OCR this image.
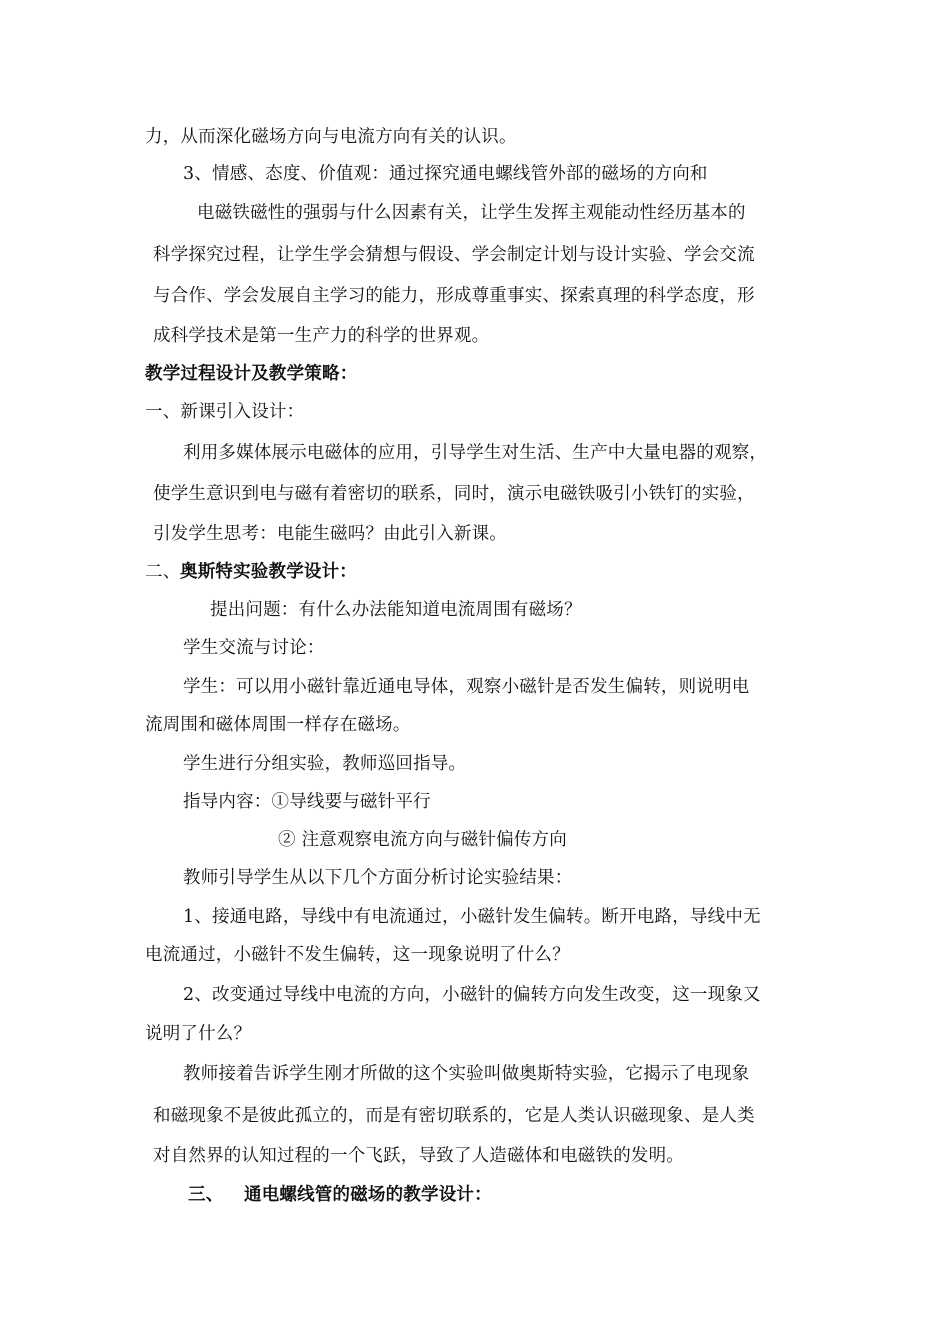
力，从而深化磁场方向与电流方向有关的认识。
3、情感、态度、价值观：通过探究通电螺线管外部的磁场的方向和
电磁铁磁性的强弱与什么因素有关，让学生发挥主观能动性经历基本的
科学探究过程，让学生学会猜想与假设、学会制定计划与设计实验、学会交流
与合作、学会发展自主学习的能力，形成尊重事实、探索真理的科学态度，形
成科学技术是第一生产力的科学的世界观。
教学过程设计及教学策略：
一、新课引入设计：
利用多媒体展示电磁体的应用，引导学生对生活、生产中大量电器的观察，
使学生意识到电与磁有着密切的联系，同时，演示电磁铁吸引小铁钉的实验，
引发学生思考：电能生磁吗？由此引入新课。
二、 奥斯特实验教学设计：
提出问题：有什么办法能知道电流周围有磁场？
学生交流与讨论：
学生：可以用小磁针靠近通电导体，观察小磁针是否发生偏转，则说明电
流周围和磁体周围一样存在磁场。
学生进行分组实验，教师巡回指导。
指导内容：①导线要与磁针平行
② 注意观察电流方向与磁针偏传方向
教师引导学生从以下几个方面分析讨论实验结果：
1、接通电路，导线中有电流通过，小磁针发生偏转。断开电路，导线中无
电流通过，小磁针不发生偏转，这一现象说明了什么？
2、改变通过导线中电流的方向，小磁针的偏转方向发生改变，这一现象又
说明了什么？
教师接着告诉学生刚才所做的这个实验叫做奥斯特实验，它揭示了电现象
和磁现象不是彼此孤立的，而是有密切联系的，它是人类认识磁现象、是人类
对自然界的认知过程的一个飞跃，导致了人造磁体和电磁铁的发明。
三、 通电螺线管的磁场的教学设计：
